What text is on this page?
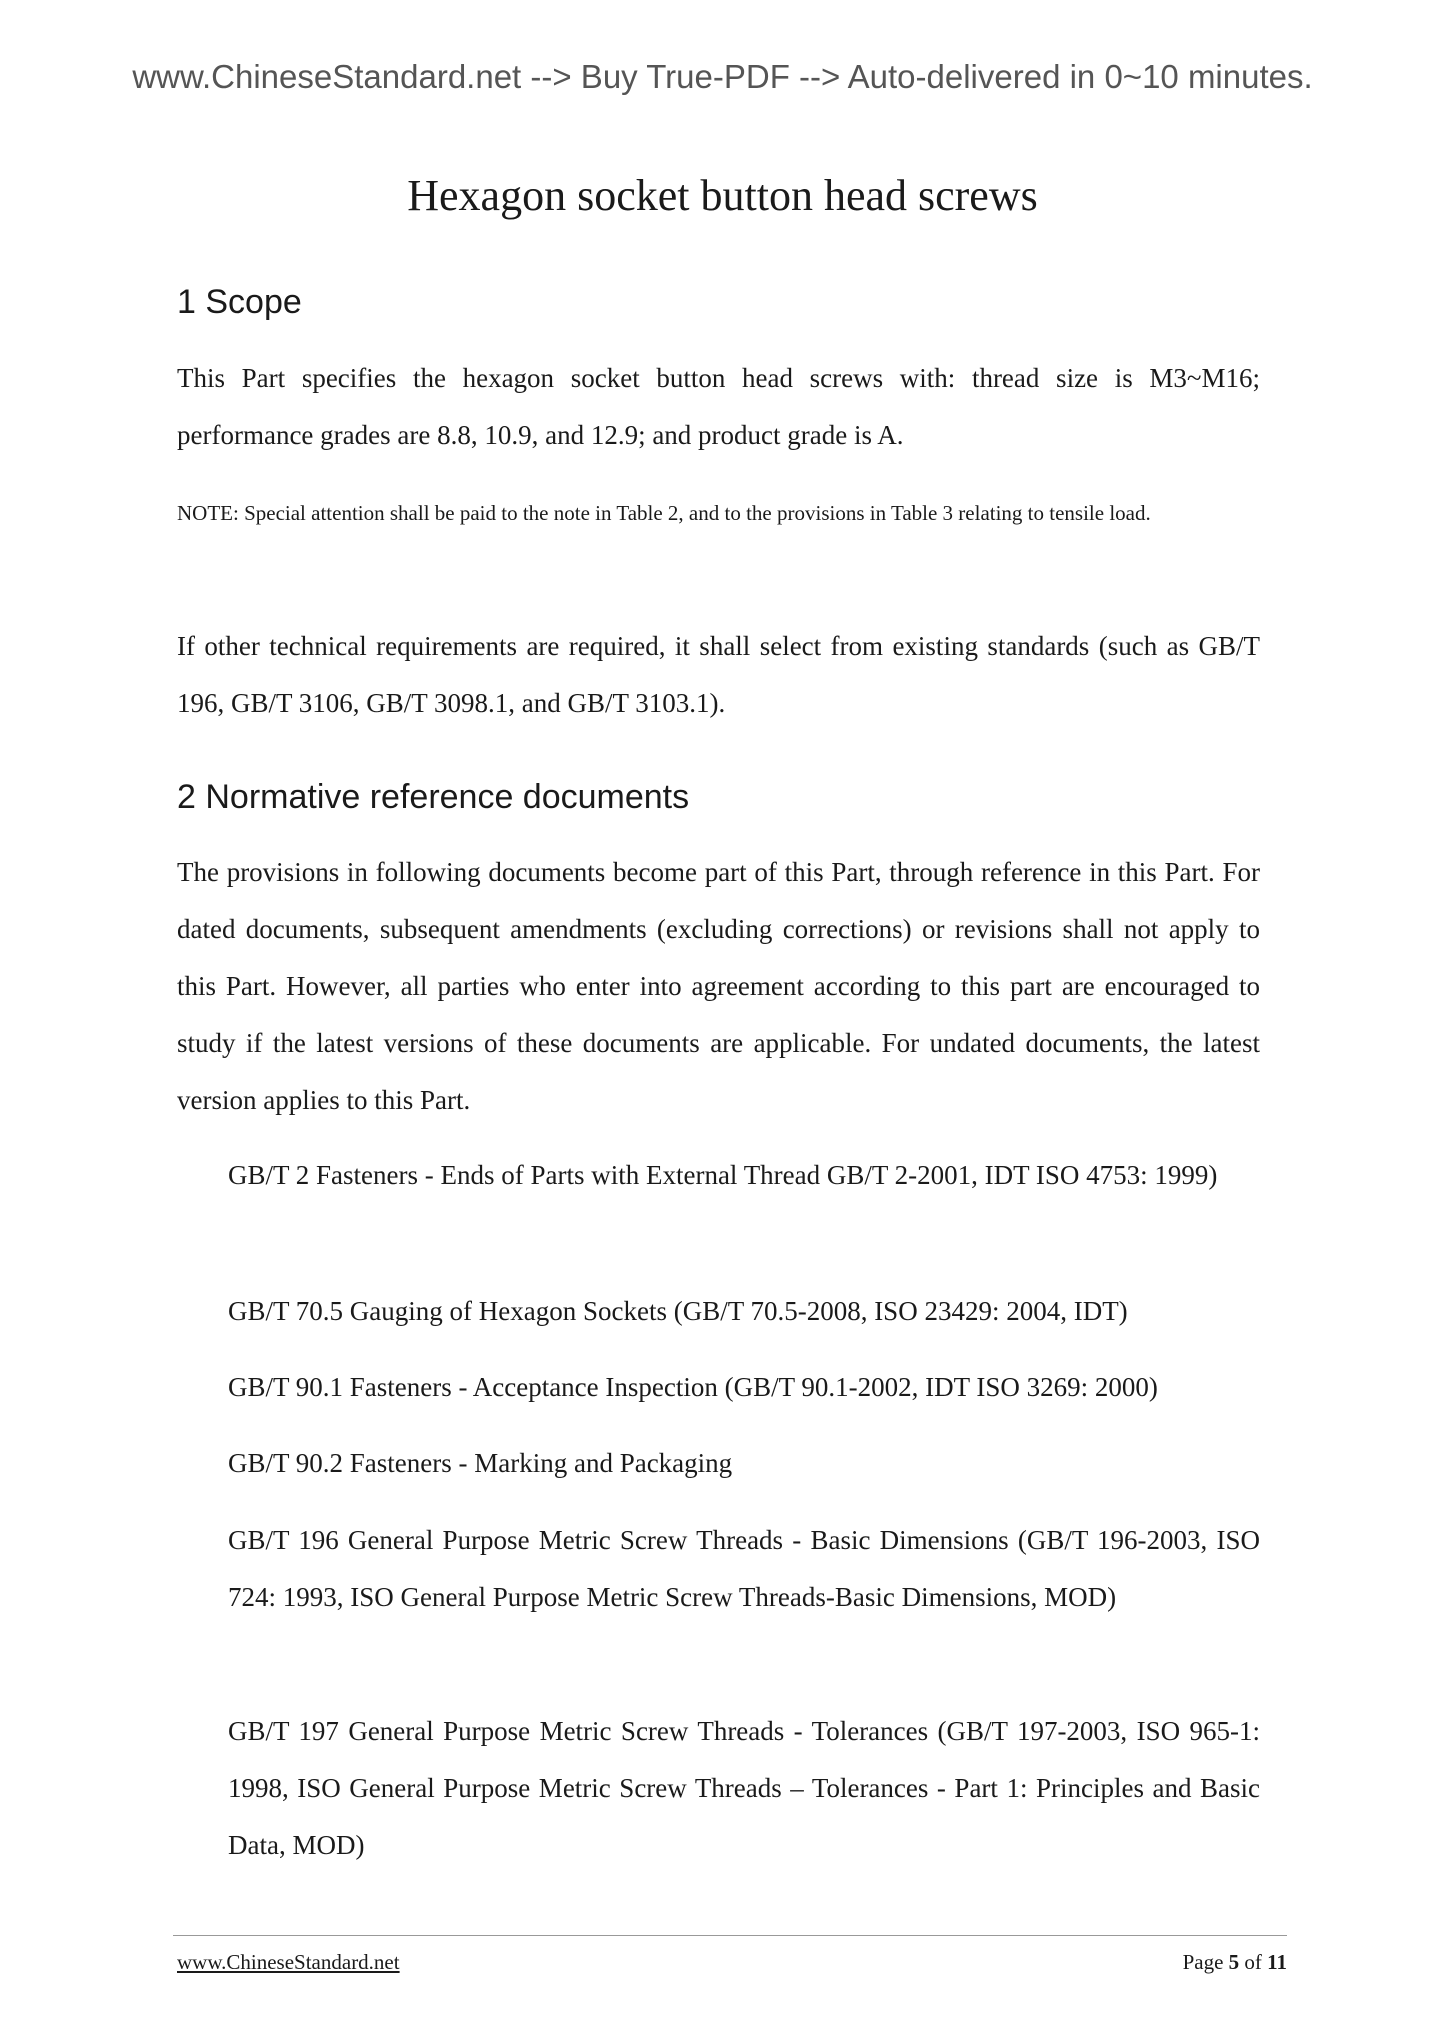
www.ChineseStandard.net --> Buy True-PDF --> Auto-delivered in 0~10 minutes.
Hexagon socket button head screws
1 Scope

This Part specifies the hexagon socket button head screws with: thread size is M3~M16; performance grades are 8.8, 10.9, and 12.9; and product grade is A.

NOTE: Special attention shall be paid to the note in Table 2, and to the provisions in Table 3 relating to tensile load.

If other technical requirements are required, it shall select from existing standards (such as GB/T 196, GB/T 3106, GB/T 3098.1, and GB/T 3103.1).

2 Normative reference documents

The provisions in following documents become part of this Part, through reference in this Part. For dated documents, subsequent amendments (excluding corrections) or revisions shall not apply to this Part. However, all parties who enter into agreement according to this part are encouraged to study if the latest versions of these documents are applicable. For undated documents, the latest version applies to this Part.

GB/T 2 Fasteners - Ends of Parts with External Thread GB/T 2-2001, IDT ISO 4753: 1999)

GB/T 70.5 Gauging of Hexagon Sockets (GB/T 70.5-2008, ISO 23429: 2004, IDT)

GB/T 90.1 Fasteners - Acceptance Inspection (GB/T 90.1-2002, IDT ISO 3269: 2000)

GB/T 90.2 Fasteners - Marking and Packaging

GB/T 196 General Purpose Metric Screw Threads - Basic Dimensions (GB/T 196-2003, ISO 724: 1993, ISO General Purpose Metric Screw Threads-Basic Dimensions, MOD)

GB/T 197 General Purpose Metric Screw Threads - Tolerances (GB/T 197-2003, ISO 965-1: 1998, ISO General Purpose Metric Screw Threads – Tolerances - Part 1: Principles and Basic Data, MOD)

www.ChineseStandard.net	Page 5 of 11
